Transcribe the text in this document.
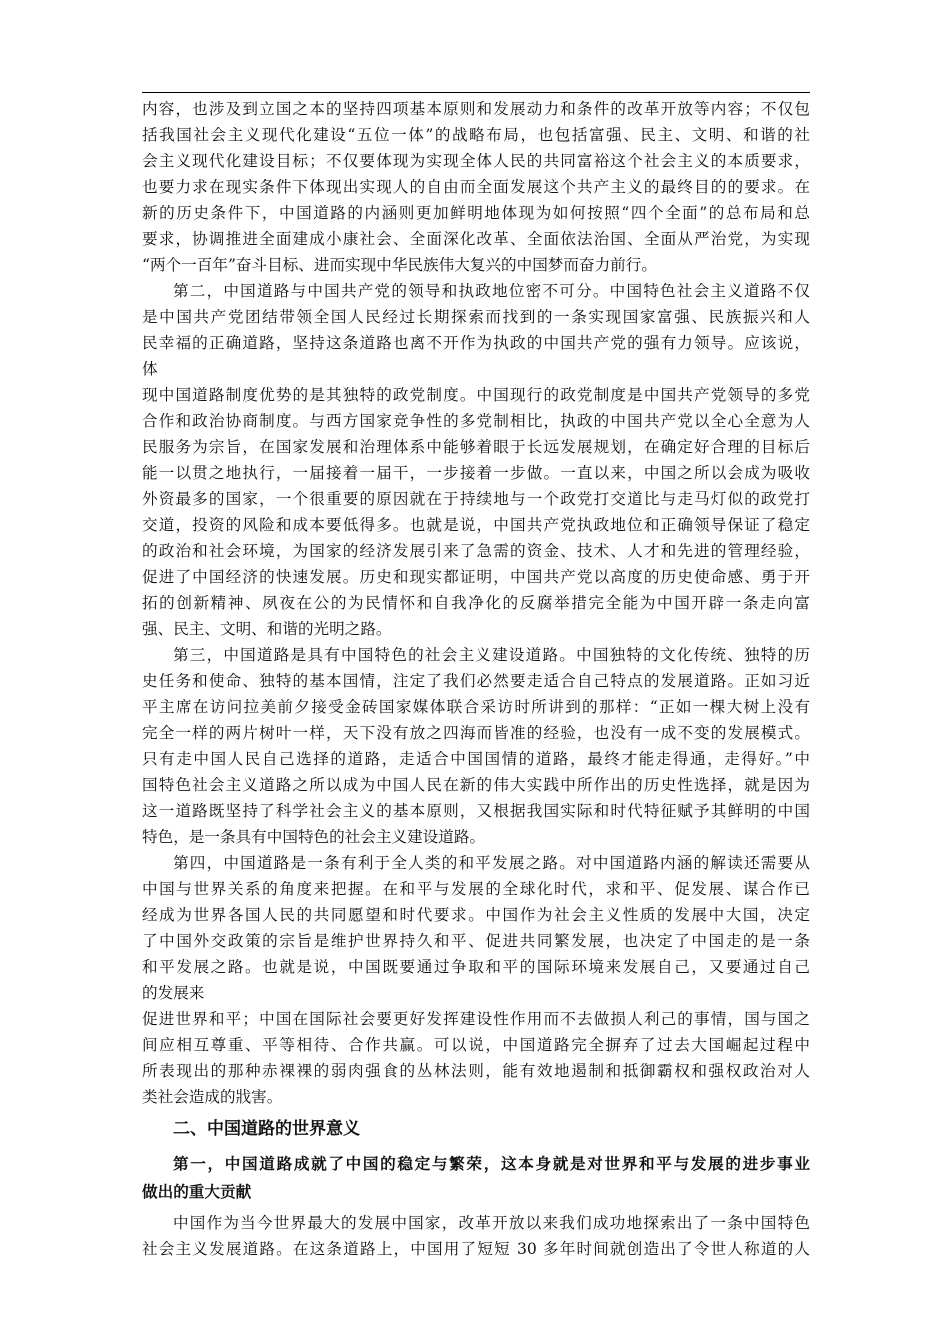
内容，也涉及到立国之本的坚持四项基本原则和发展动力和条件的改革开放等内容；不仅包
括我国社会主义现代化建设“五位一体”的战略布局，也包括富强、民主、文明、和谐的社
会主义现代化建设目标；不仅要体现为实现全体人民的共同富裕这个社会主义的本质要求，
也要力求在现实条件下体现出实现人的自由而全面发展这个共产主义的最终目的的要求。在
新的历史条件下，中国道路的内涵则更加鲜明地体现为如何按照“四个全面”的总布局和总
要求，协调推进全面建成小康社会、全面深化改革、全面依法治国、全面从严治党，为实现
“两个一百年”奋斗目标、进而实现中华民族伟大复兴的中国梦而奋力前行。
第二，中国道路与中国共产党的领导和执政地位密不可分。中国特色社会主义道路不仅
是中国共产党团结带领全国人民经过长期探索而找到的一条实现国家富强、民族振兴和人
民幸福的正确道路，坚持这条道路也离不开作为执政的中国共产党的强有力领导。应该说，
体
现中国道路制度优势的是其独特的政党制度。中国现行的政党制度是中国共产党领导的多党
合作和政治协商制度。与西方国家竞争性的多党制相比，执政的中国共产党以全心全意为人
民服务为宗旨，在国家发展和治理体系中能够着眼于长远发展规划，在确定好合理的目标后
能一以贯之地执行，一届接着一届干，一步接着一步做。一直以来，中国之所以会成为吸收
外资最多的国家，一个很重要的原因就在于持续地与一个政党打交道比与走马灯似的政党打
交道，投资的风险和成本要低得多。也就是说，中国共产党执政地位和正确领导保证了稳定
的政治和社会环境，为国家的经济发展引来了急需的资金、技术、人才和先进的管理经验，
促进了中国经济的快速发展。历史和现实都证明，中国共产党以高度的历史使命感、勇于开
拓的创新精神、夙夜在公的为民情怀和自我净化的反腐举措完全能为中国开辟一条走向富
强、民主、文明、和谐的光明之路。
第三，中国道路是具有中国特色的社会主义建设道路。中国独特的文化传统、独特的历
史任务和使命、独特的基本国情，注定了我们必然要走适合自己特点的发展道路。正如习近
平主席在访问拉美前夕接受金砖国家媒体联合采访时所讲到的那样：“正如一棵大树上没有
完全一样的两片树叶一样，天下没有放之四海而皆准的经验，也没有一成不变的发展模式。
只有走中国人民自己选择的道路，走适合中国国情的道路，最终才能走得通，走得好。”中
国特色社会主义道路之所以成为中国人民在新的伟大实践中所作出的历史性选择，就是因为
这一道路既坚持了科学社会主义的基本原则，又根据我国实际和时代特征赋予其鲜明的中国
特色，是一条具有中国特色的社会主义建设道路。
第四，中国道路是一条有利于全人类的和平发展之路。对中国道路内涵的解读还需要从
中国与世界关系的角度来把握。在和平与发展的全球化时代，求和平、促发展、谋合作已
经成为世界各国人民的共同愿望和时代要求。中国作为社会主义性质的发展中大国，决定
了中国外交政策的宗旨是维护世界持久和平、促进共同繁发展，也决定了中国走的是一条
和平发展之路。也就是说，中国既要通过争取和平的国际环境来发展自己，又要通过自己
的发展来
促进世界和平；中国在国际社会要更好发挥建设性作用而不去做损人利己的事情，国与国之
间应相互尊重、平等相待、合作共赢。可以说，中国道路完全摒弃了过去大国崛起过程中
所表现出的那种赤裸裸的弱肉强食的丛林法则，能有效地遏制和抵御霸权和强权政治对人
类社会造成的戕害。
二、中国道路的世界意义
第一，中国道路成就了中国的稳定与繁荣，这本身就是对世界和平与发展的进步事业
做出的重大贡献
中国作为当今世界最大的发展中国家，改革开放以来我们成功地探索出了一条中国特色
社会主义发展道路。在这条道路上，中国用了短短 30 多年时间就创造出了令世人称道的人
